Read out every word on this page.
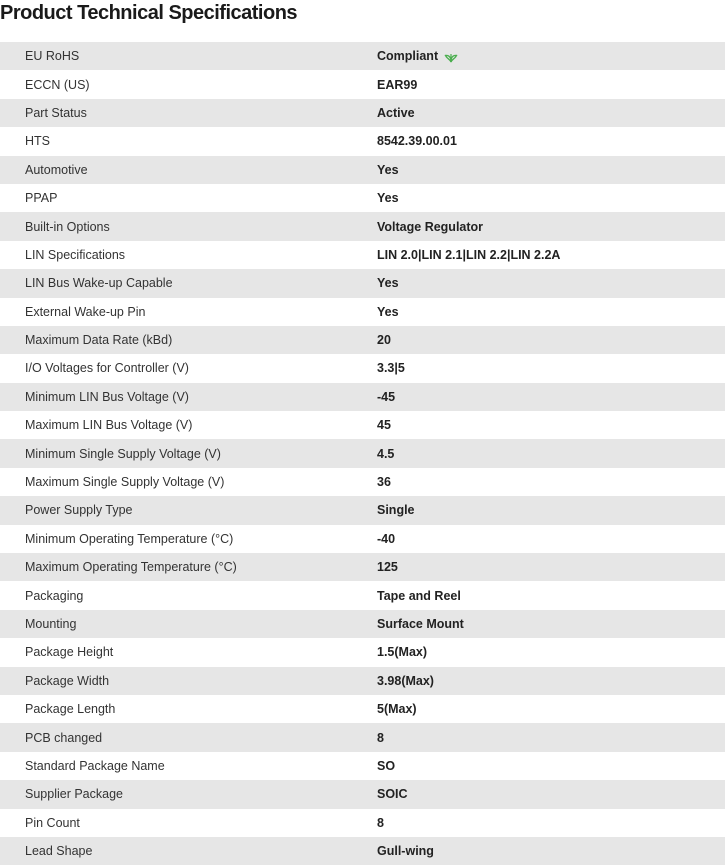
Product Technical Specifications
EU RoHS	Compliant
ECCN (US)	EAR99
Part Status	Active
HTS	8542.39.00.01
Automotive	Yes
PPAP	Yes
Built-in Options	Voltage Regulator
LIN Specifications	LIN 2.0|LIN 2.1|LIN 2.2|LIN 2.2A
LIN Bus Wake-up Capable	Yes
External Wake-up Pin	Yes
Maximum Data Rate (kBd)	20
I/O Voltages for Controller (V)	3.3|5
Minimum LIN Bus Voltage (V)	-45
Maximum LIN Bus Voltage (V)	45
Minimum Single Supply Voltage (V)	4.5
Maximum Single Supply Voltage (V)	36
Power Supply Type	Single
Minimum Operating Temperature (°C)	-40
Maximum Operating Temperature (°C)	125
Packaging	Tape and Reel
Mounting	Surface Mount
Package Height	1.5(Max)
Package Width	3.98(Max)
Package Length	5(Max)
PCB changed	8
Standard Package Name	SO
Supplier Package	SOIC
Pin Count	8
Lead Shape	Gull-wing
